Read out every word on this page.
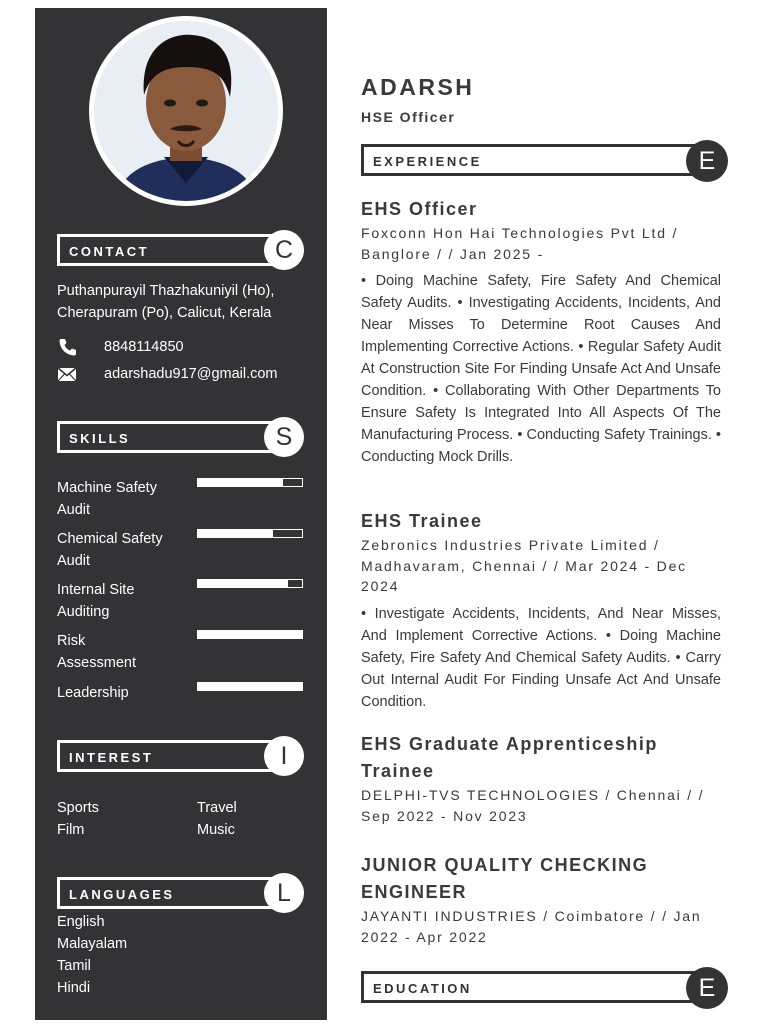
CONTACT	C
Puthanpurayil Thazhakuniyil (Ho),
Cherapuram (Po), Calicut, Kerala
8848114850
adarshadu917@gmail.com
SKILLS	S
Machine Safety
Audit
Chemical Safety
Audit
Internal Site
Auditing
Risk
Assessment
Leadership
INTEREST	I
Sports	Travel
Film	Music
LANGUAGES	L
English
Malayalam
Tamil
Hindi
ADARSH
HSE Officer
EXPERIENCE	E
EHS Officer
Foxconn Hon Hai Technologies Pvt Ltd /
Banglore / / Jan 2025 -
• Doing Machine Safety, Fire Safety And Chemical Safety Audits. • Investigating Accidents, Incidents, And Near Misses To Determine Root Causes And Implementing Corrective Actions. • Regular Safety Audit At Construction Site For Finding Unsafe Act And Unsafe Condition. • Collaborating With Other Departments To Ensure Safety Is Integrated Into All Aspects Of The Manufacturing Process. • Conducting Safety Trainings. • Conducting Mock Drills.
EHS Trainee
Zebronics Industries Private Limited /
Madhavaram, Chennai / / Mar 2024 - Dec
2024
• Investigate Accidents, Incidents, And Near Misses, And Implement Corrective Actions. • Doing Machine Safety, Fire Safety And Chemical Safety Audits. • Carry Out Internal Audit For Finding Unsafe Act And Unsafe Condition.
EHS Graduate Apprenticeship
Trainee
DELPHI-TVS TECHNOLOGIES / Chennai / /
Sep 2022 - Nov 2023
JUNIOR QUALITY CHECKING
ENGINEER
JAYANTI INDUSTRIES / Coimbatore / / Jan
2022 - Apr 2022
EDUCATION	E
